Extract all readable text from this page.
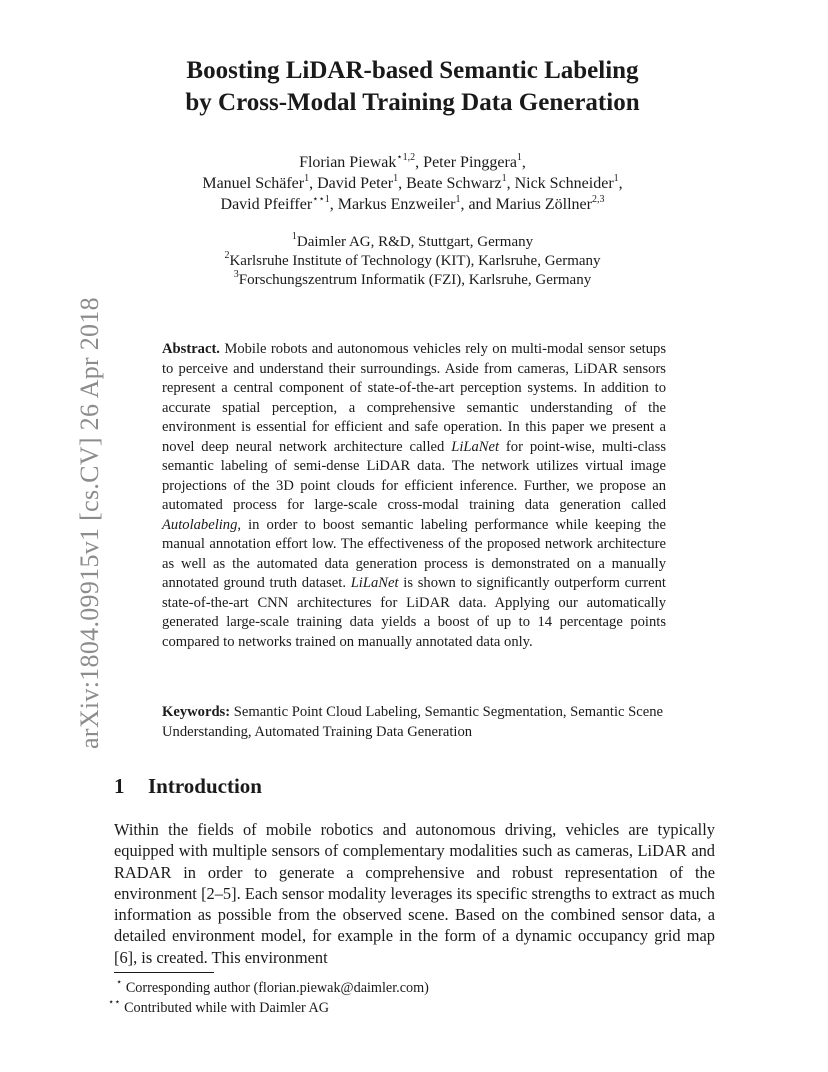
arXiv:1804.09915v1 [cs.CV] 26 Apr 2018
Boosting LiDAR-based Semantic Labeling
by Cross-Modal Training Data Generation
Florian Piewak$^{⋆1,2}$, Peter Pinggera$^1$,
Manuel Schäfer$^1$, David Peter$^1$, Beate Schwarz$^1$, Nick Schneider$^1$,
David Pfeiffer$^{⋆⋆1}$, Markus Enzweiler$^1$, and Marius Zöllner$^{2,3}$
$^1$Daimler AG, R&D, Stuttgart, Germany
$^2$Karlsruhe Institute of Technology (KIT), Karlsruhe, Germany
$^3$Forschungszentrum Informatik (FZI), Karlsruhe, Germany

Abstract. Mobile robots and autonomous vehicles rely on multi-modal sensor setups to perceive and understand their surroundings. Aside from cameras, LiDAR sensors represent a central component of state-of-the-art perception systems. In addition to accurate spatial perception, a comprehensive semantic understanding of the environment is essential for efficient and safe operation. In this paper we present a novel deep neural network architecture called LiLaNet for point-wise, multi-class semantic labeling of semi-dense LiDAR data. The network utilizes virtual image projections of the 3D point clouds for efficient inference. Further, we propose an automated process for large-scale cross-modal training data generation called Autolabeling, in order to boost semantic labeling performance while keeping the manual annotation effort low. The effectiveness of the proposed network architecture as well as the automated data generation process is demonstrated on a manually annotated ground truth dataset. LiLaNet is shown to significantly outperform current state-of-the-art CNN architectures for LiDAR data. Applying our automatically generated large-scale training data yields a boost of up to 14 percentage points compared to networks trained on manually annotated data only.

Keywords: Semantic Point Cloud Labeling, Semantic Segmentation, Semantic Scene Understanding, Automated Training Data Generation

1 Introduction

Within the fields of mobile robotics and autonomous driving, vehicles are typically equipped with multiple sensors of complementary modalities such as cameras, LiDAR and RADAR in order to generate a comprehensive and robust representation of the environment [2–5]. Each sensor modality leverages its specific strengths to extract as much information as possible from the observed scene. Based on the combined sensor data, a detailed environment model, for example in the form of a dynamic occupancy grid map [6], is created. This environment

⋆ Corresponding author (florian.piewak@daimler.com)
⋆⋆ Contributed while with Daimler AG
